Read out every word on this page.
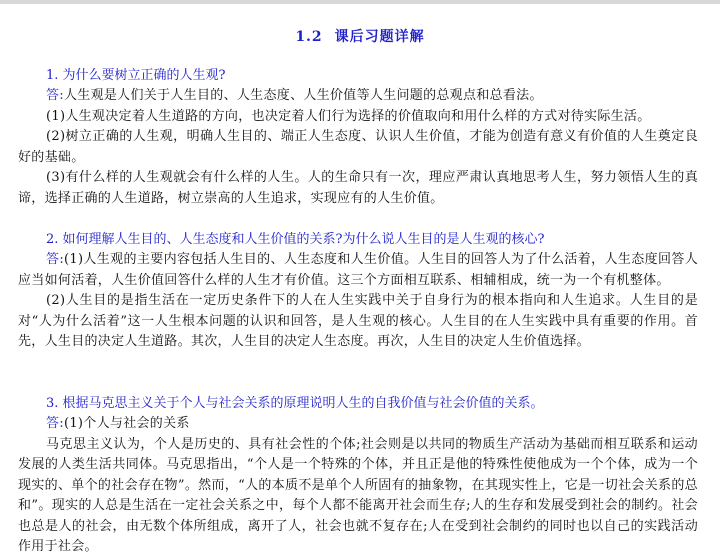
1.2 课后习题详解
1. 为什么要树立正确的人生观?
答:人生观是人们关于人生目的、人生态度、人生价值等人生问题的总观点和总看法。
(1)人生观决定着人生道路的方向，也决定着人们行为选择的价值取向和用什么样的方式对待实际生活。
(2)树立正确的人生观，明确人生目的、端正人生态度、认识人生价值，才能为创造有意义有价值的人生奠定良好的基础。
(3)有什么样的人生观就会有什么样的人生。人的生命只有一次，理应严肃认真地思考人生，努力领悟人生的真谛，选择正确的人生道路，树立崇高的人生追求，实现应有的人生价值。
2. 如何理解人生目的、人生态度和人生价值的关系?为什么说人生目的是人生观的核心?
答:(1)人生观的主要内容包括人生目的、人生态度和人生价值。人生目的回答人为了什么活着，人生态度回答人应当如何活着，人生价值回答什么样的人生才有价值。这三个方面相互联系、相辅相成，统一为一个有机整体。
(2)人生目的是指生活在一定历史条件下的人在人生实践中关于自身行为的根本指向和人生追求。人生目的是对“人为什么活着”这一人生根本问题的认识和回答，是人生观的核心。人生目的在人生实践中具有重要的作用。首先，人生目的决定人生道路。其次，人生目的决定人生态度。再次，人生目的决定人生价值选择。
3. 根据马克思主义关于个人与社会关系的原理说明人生的自我价值与社会价值的关系。
答:(1)个人与社会的关系
马克思主义认为，个人是历史的、具有社会性的个体;社会则是以共同的物质生产活动为基础而相互联系和运动发展的人类生活共同体。马克思指出，“个人是一个特殊的个体，并且正是他的特殊性使他成为一个个体，成为一个现实的、单个的社会存在物”。然而，“人的本质不是单个人所固有的抽象物，在其现实性上，它是一切社会关系的总和”。现实的人总是生活在一定社会关系之中，每个人都不能离开社会而生存;人的生存和发展受到社会的制约。社会也总是人的社会，由无数个体所组成，离开了人，社会也就不复存在;人在受到社会制约的同时也以自己的实践活动作用于社会。
